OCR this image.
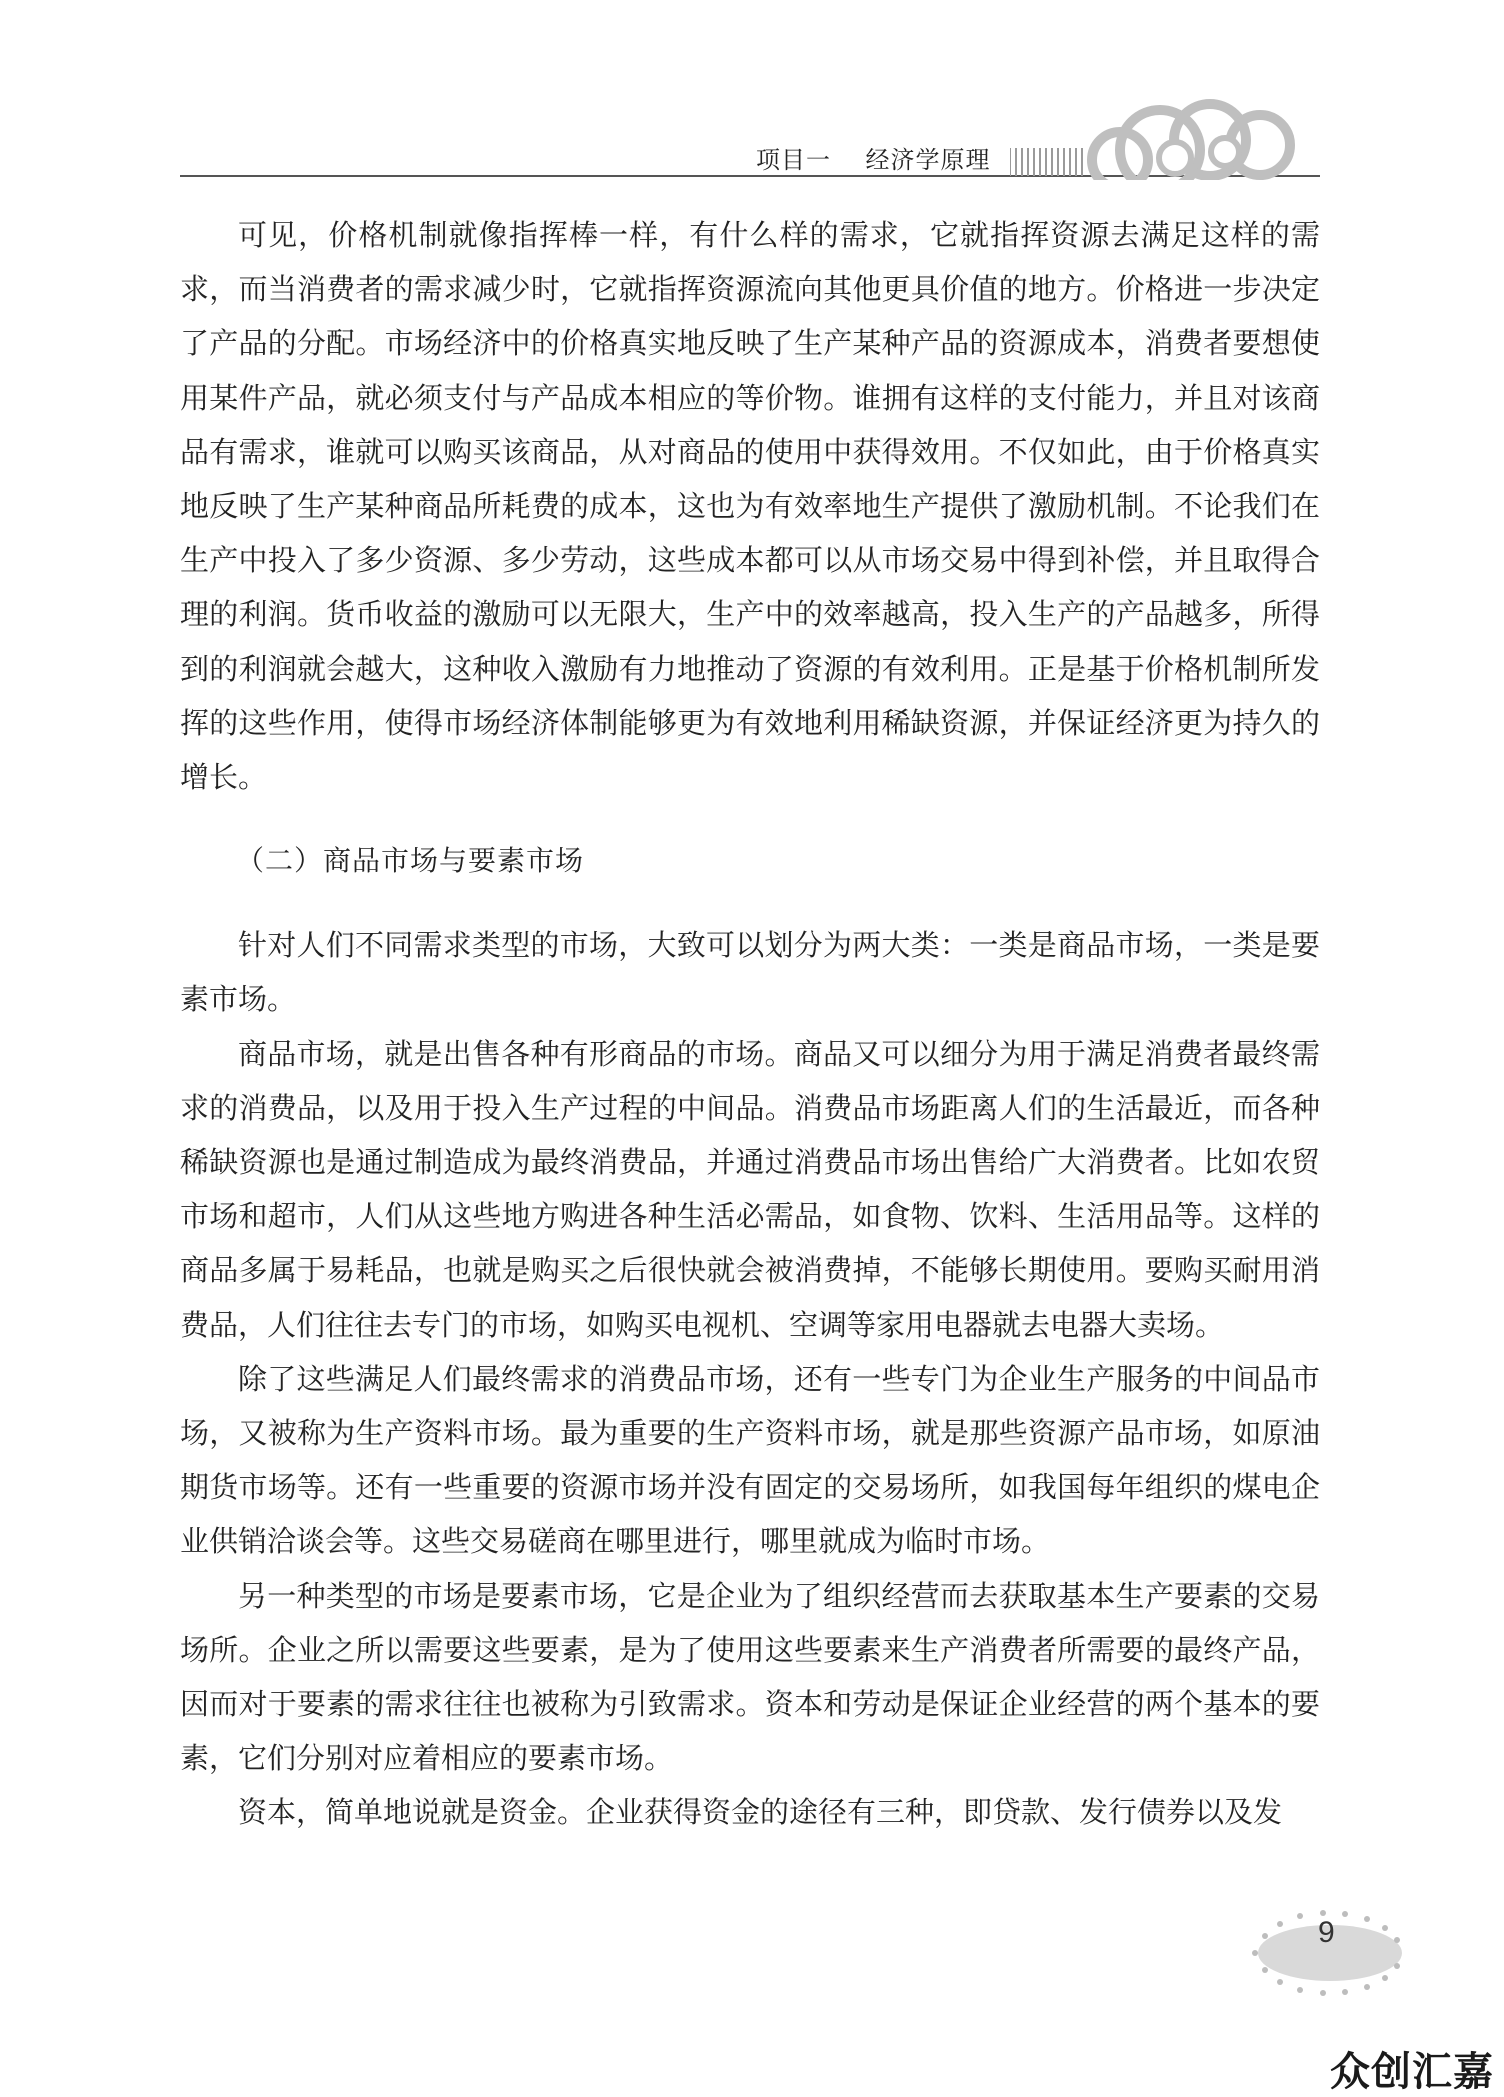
项目一 经济学原理

可见，价格机制就像指挥棒一样，有什么样的需求，它就指挥资源去满足这样的需求，而当消费者的需求减少时，它就指挥资源流向其他更具价值的地方。价格进一步决定了产品的分配。市场经济中的价格真实地反映了生产某种产品的资源成本，消费者要想使用某件产品，就必须支付与产品成本相应的等价物。谁拥有这样的支付能力，并且对该商品有需求，谁就可以购买该商品，从对商品的使用中获得效用。不仅如此，由于价格真实地反映了生产某种商品所耗费的成本，这也为有效率地生产提供了激励机制。不论我们在生产中投入了多少资源、多少劳动，这些成本都可以从市场交易中得到补偿，并且取得合理的利润。货币收益的激励可以无限大，生产中的效率越高，投入生产的产品越多，所得到的利润就会越大，这种收入激励有力地推动了资源的有效利用。正是基于价格机制所发挥的这些作用，使得市场经济体制能够更为有效地利用稀缺资源，并保证经济更为持久的增长。

（二）商品市场与要素市场

针对人们不同需求类型的市场，大致可以划分为两大类：一类是商品市场，一类是要素市场。

商品市场，就是出售各种有形商品的市场。商品又可以细分为用于满足消费者最终需求的消费品，以及用于投入生产过程的中间品。消费品市场距离人们的生活最近，而各种稀缺资源也是通过制造成为最终消费品，并通过消费品市场出售给广大消费者。比如农贸市场和超市，人们从这些地方购进各种生活必需品，如食物、饮料、生活用品等。这样的商品多属于易耗品，也就是购买之后很快就会被消费掉，不能够长期使用。要购买耐用消费品，人们往往去专门的市场，如购买电视机、空调等家用电器就去电器大卖场。

除了这些满足人们最终需求的消费品市场，还有一些专门为企业生产服务的中间品市场，又被称为生产资料市场。最为重要的生产资料市场，就是那些资源产品市场，如原油期货市场等。还有一些重要的资源市场并没有固定的交易场所，如我国每年组织的煤电企业供销洽谈会等。这些交易磋商在哪里进行，哪里就成为临时市场。

另一种类型的市场是要素市场，它是企业为了组织经营而去获取基本生产要素的交易场所。企业之所以需要这些要素，是为了使用这些要素来生产消费者所需要的最终产品，因而对于要素的需求往往也被称为引致需求。资本和劳动是保证企业经营的两个基本的要素，它们分别对应着相应的要素市场。

资本，简单地说就是资金。企业获得资金的途径有三种，即贷款、发行债券以及发

9
众创汇嘉
